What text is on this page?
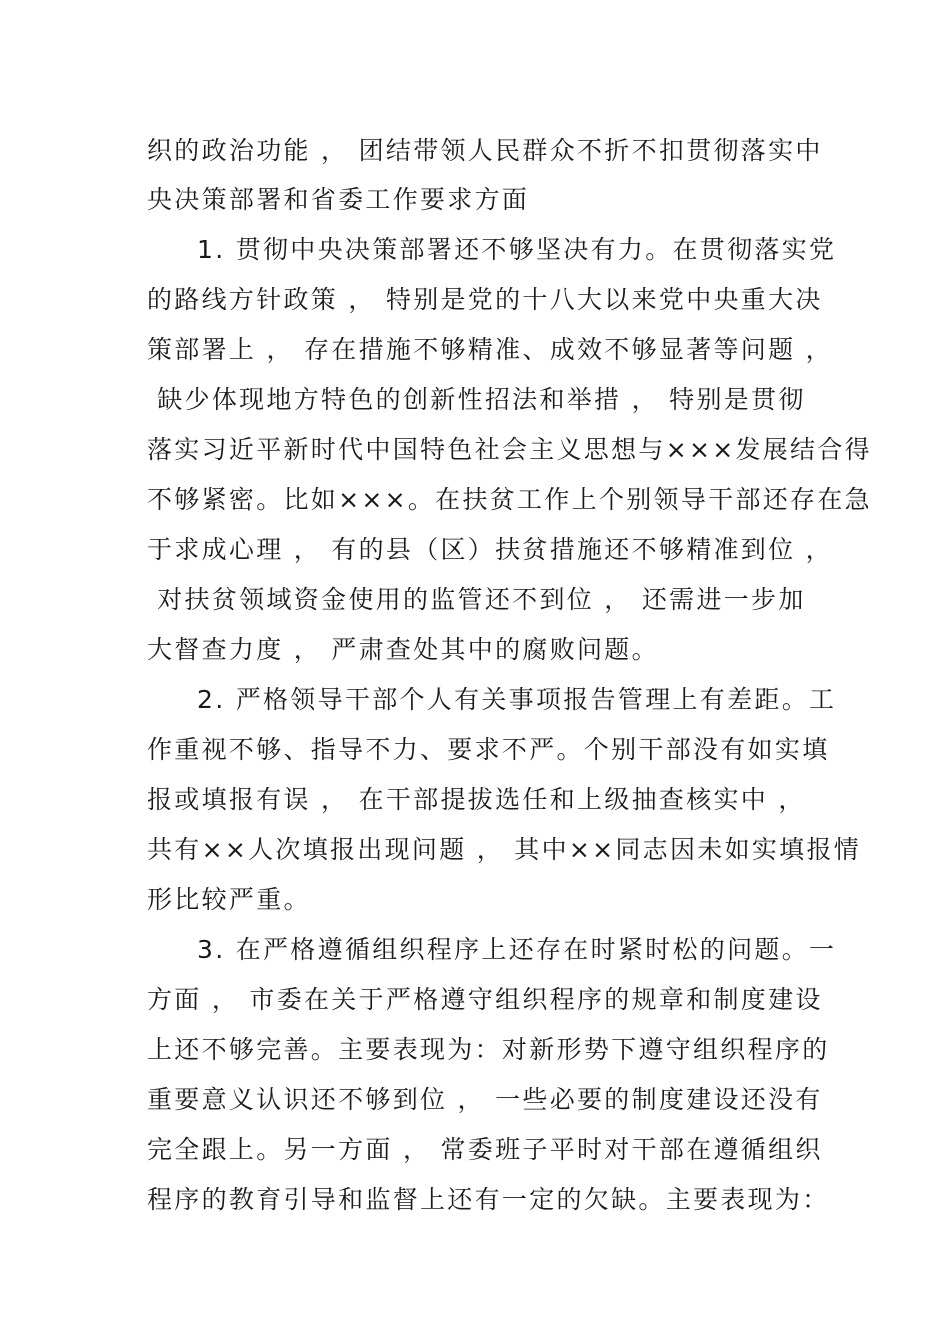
织的政治功能 ， 团结带领人民群众不折不扣贯彻落实中
央决策部署和省委工作要求方面
1. 贯彻中央决策部署还不够坚决有力。在贯彻落实党
的路线方针政策 ， 特别是党的十八大以来党中央重大决
策部署上 ， 存在措施不够精准、成效不够显著等问题 ，
缺少体现地方特色的创新性招法和举措 ， 特别是贯彻
落实习近平新时代中国特色社会主义思想与×××发展结合得
不够紧密。比如×××。在扶贫工作上个别领导干部还存在急
于求成心理 ， 有的县（区）扶贫措施还不够精准到位 ，
对扶贫领域资金使用的监管还不到位 ， 还需进一步加
大督查力度 ， 严肃查处其中的腐败问题。
2. 严格领导干部个人有关事项报告管理上有差距。工
作重视不够、指导不力、要求不严。个别干部没有如实填
报或填报有误 ， 在干部提拔选任和上级抽查核实中 ，
共有××人次填报出现问题 ， 其中××同志因未如实填报情
形比较严重。
3. 在严格遵循组织程序上还存在时紧时松的问题。一
方面 ， 市委在关于严格遵守组织程序的规章和制度建设
上还不够完善。主要表现为：对新形势下遵守组织程序的
重要意义认识还不够到位 ， 一些必要的制度建设还没有
完全跟上。另一方面 ， 常委班子平时对干部在遵循组织
程序的教育引导和监督上还有一定的欠缺。主要表现为：
